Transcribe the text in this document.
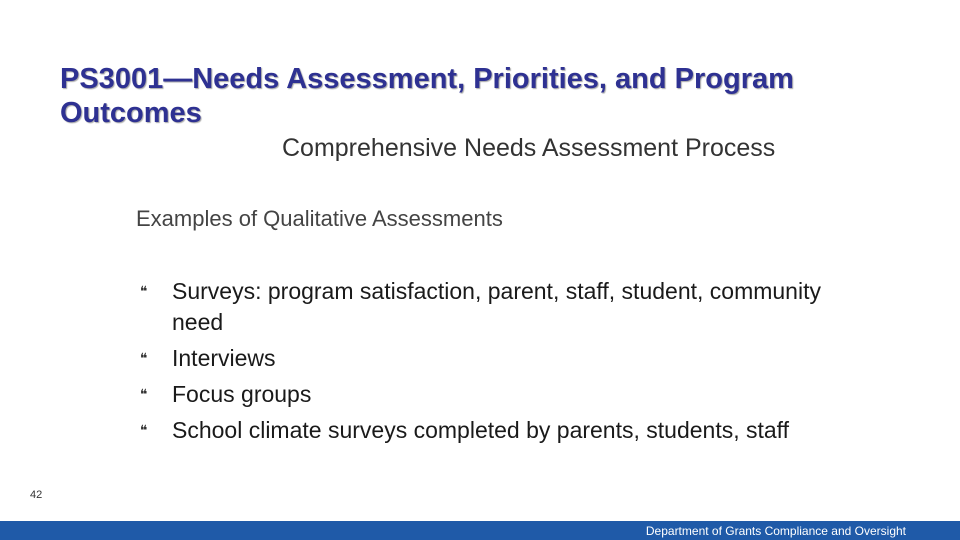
PS3001—Needs Assessment, Priorities, and Program Outcomes
Comprehensive Needs Assessment Process
Examples of Qualitative Assessments
❝ Surveys: program satisfaction, parent, staff, student, community need
❝ Interviews
❝ Focus groups
❝ School climate surveys completed by parents, students, staff
42
Department of Grants Compliance and Oversight
